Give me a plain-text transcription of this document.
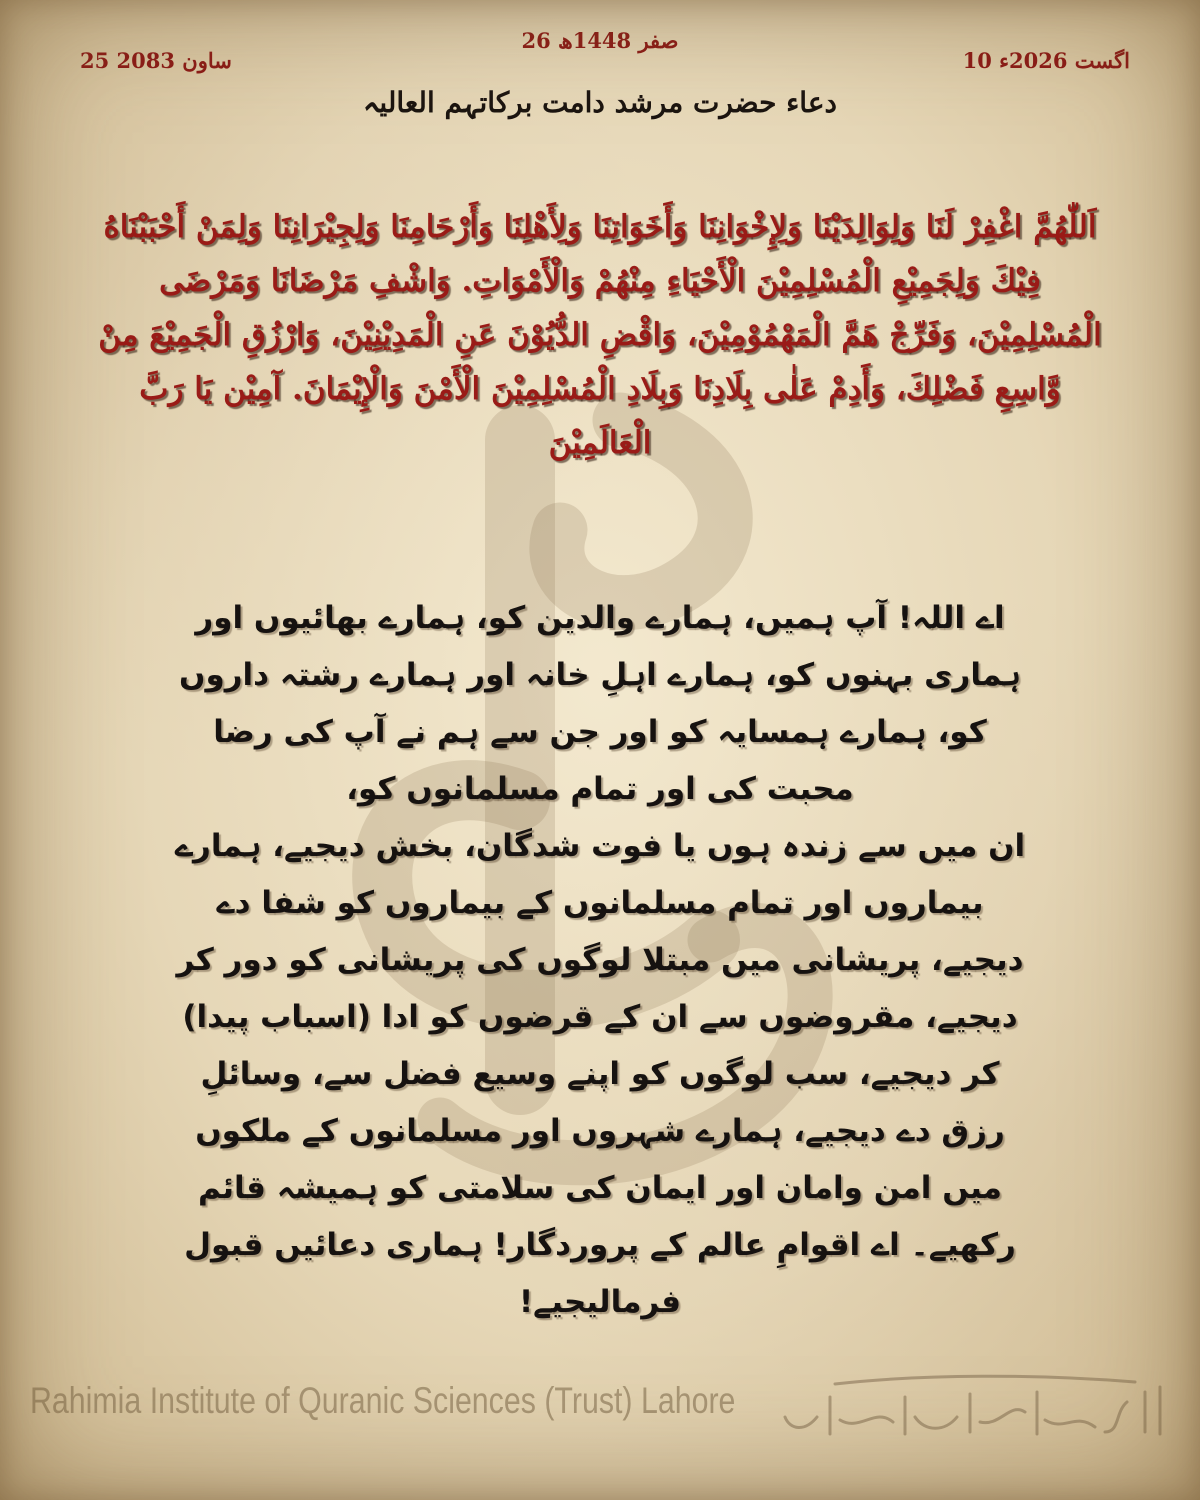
10 اگست 2026ء
26 صفر 1448ھ
25 ساون 2083
دعاء حضرت مرشد دامت برکاتہم العالیہ
اَللّٰهُمَّ اغْفِرْ لَنَا وَلِوَالِدَيْنَا وَلِإِخْوَانِنَا وَأَخَوَاتِنَا وَلِأَهْلِنَا وَأَرْحَامِنَا وَلِجِيْرَانِنَا وَلِمَنْ أَحْبَبْنَاهُ فِيْكَ وَلِجَمِيْعِ الْمُسْلِمِيْنَ الْأَحْيَاءِ مِنْهُمْ وَالْأَمْوَاتِ. وَاشْفِ مَرْضَانَا وَمَرْضَى الْمُسْلِمِيْنَ، وَفَرِّجْ هَمَّ الْمَهْمُوْمِيْنَ، وَاقْضِ الدُّيُوْنَ عَنِ الْمَدِيْنِيْنَ، وَارْزُقِ الْجَمِيْعَ مِنْ وَّاسِعِ فَضْلِكَ، وَأَدِمْ عَلٰى بِلَادِنَا وَبِلَادِ الْمُسْلِمِيْنَ الْأَمْنَ وَالْإِيْمَانَ. آمِيْن يَا رَبَّ الْعَالَمِيْنَ

اے اللہ! آپ ہمیں، ہمارے والدین کو، ہمارے بھائیوں اور ہماری بہنوں کو، ہمارے اہلِ خانہ اور ہمارے رشتہ داروں کو، ہمارے ہمسایہ کو اور جن سے ہم نے آپ کی رضا محبت کی اور تمام مسلمانوں کو،

ان میں سے زندہ ہوں یا فوت شدگان، بخش دیجیے، ہمارے بیماروں اور تمام مسلمانوں کے بیماروں کو شفا دے دیجیے، پریشانی میں مبتلا لوگوں کی پریشانی کو دور کر دیجیے، مقروضوں سے ان کے قرضوں کو ادا (اسباب پیدا) کر دیجیے، سب لوگوں کو اپنے وسیع فضل سے، وسائلِ رزق دے دیجیے، ہمارے شہروں اور مسلمانوں کے ملکوں میں امن وامان اور ایمان کی سلامتی کو ہمیشہ قائم رکھیے۔ اے اقوامِ عالم کے پروردگار! ہماری دعائیں قبول فرمالیجیے!

Rahimia Institute of Quranic Sciences (Trust) Lahore
